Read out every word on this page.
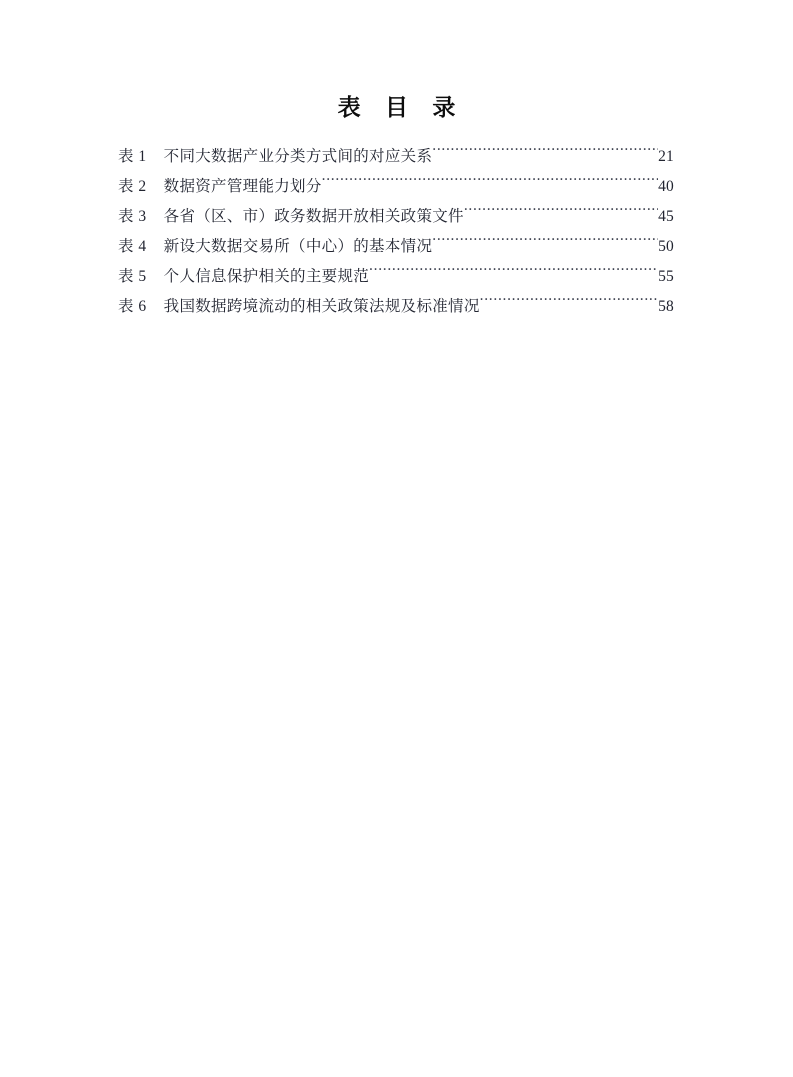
表 目 录
表 1 不同大数据产业分类方式间的对应关系 .....	21
表 2 数据资产管理能力划分 .....	40
表 3 各省（区、市）政务数据开放相关政策文件 .....	45
表 4 新设大数据交易所（中心）的基本情况 .....	50
表 5 个人信息保护相关的主要规范 .....	55
表 6 我国数据跨境流动的相关政策法规及标准情况 .....	58
